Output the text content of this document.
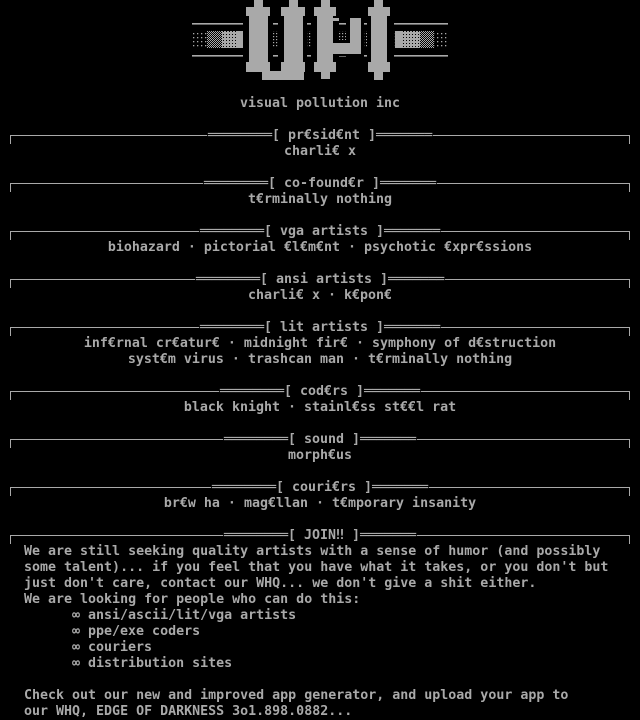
visual pollution inc
════════[ pr€sid€nt ]═══════
charli€ x
════════[ co-found€r ]═══════
t€rminally nothing
════════[ vga artists ]═══════
biohazard · pictorial €l€m€nt · psychotic €xpr€ssions
════════[ ansi artists ]═══════
charli€ x · k€pon€
════════[ lit artists ]═══════
inf€rnal cr€atur€ · midnight fir€ · symphony of d€struction
syst€m virus · trashcan man · t€rminally nothing
════════[ cod€rs ]═══════
black knight · stainl€ss st€€l rat
════════[ sound ]═══════
morph€us
════════[ couri€rs ]═══════
br€w ha · mag€llan · t€mporary insanity
════════[ JOIN‼ ]═══════
We are still seeking quality artists with a sense of humor (and possibly
some talent)... if you feel that you have what it takes, or you don't but
just don't care, contact our WHQ... we don't give a shit either.
We are looking for people who can do this:
∞ ansi/ascii/lit/vga artists
∞ ppe/exe coders
∞ couriers
∞ distribution sites
Check out our new and improved app generator, and upload your app to
our WHQ, EDGE OF DARKNESS 3o1.898.0882...
